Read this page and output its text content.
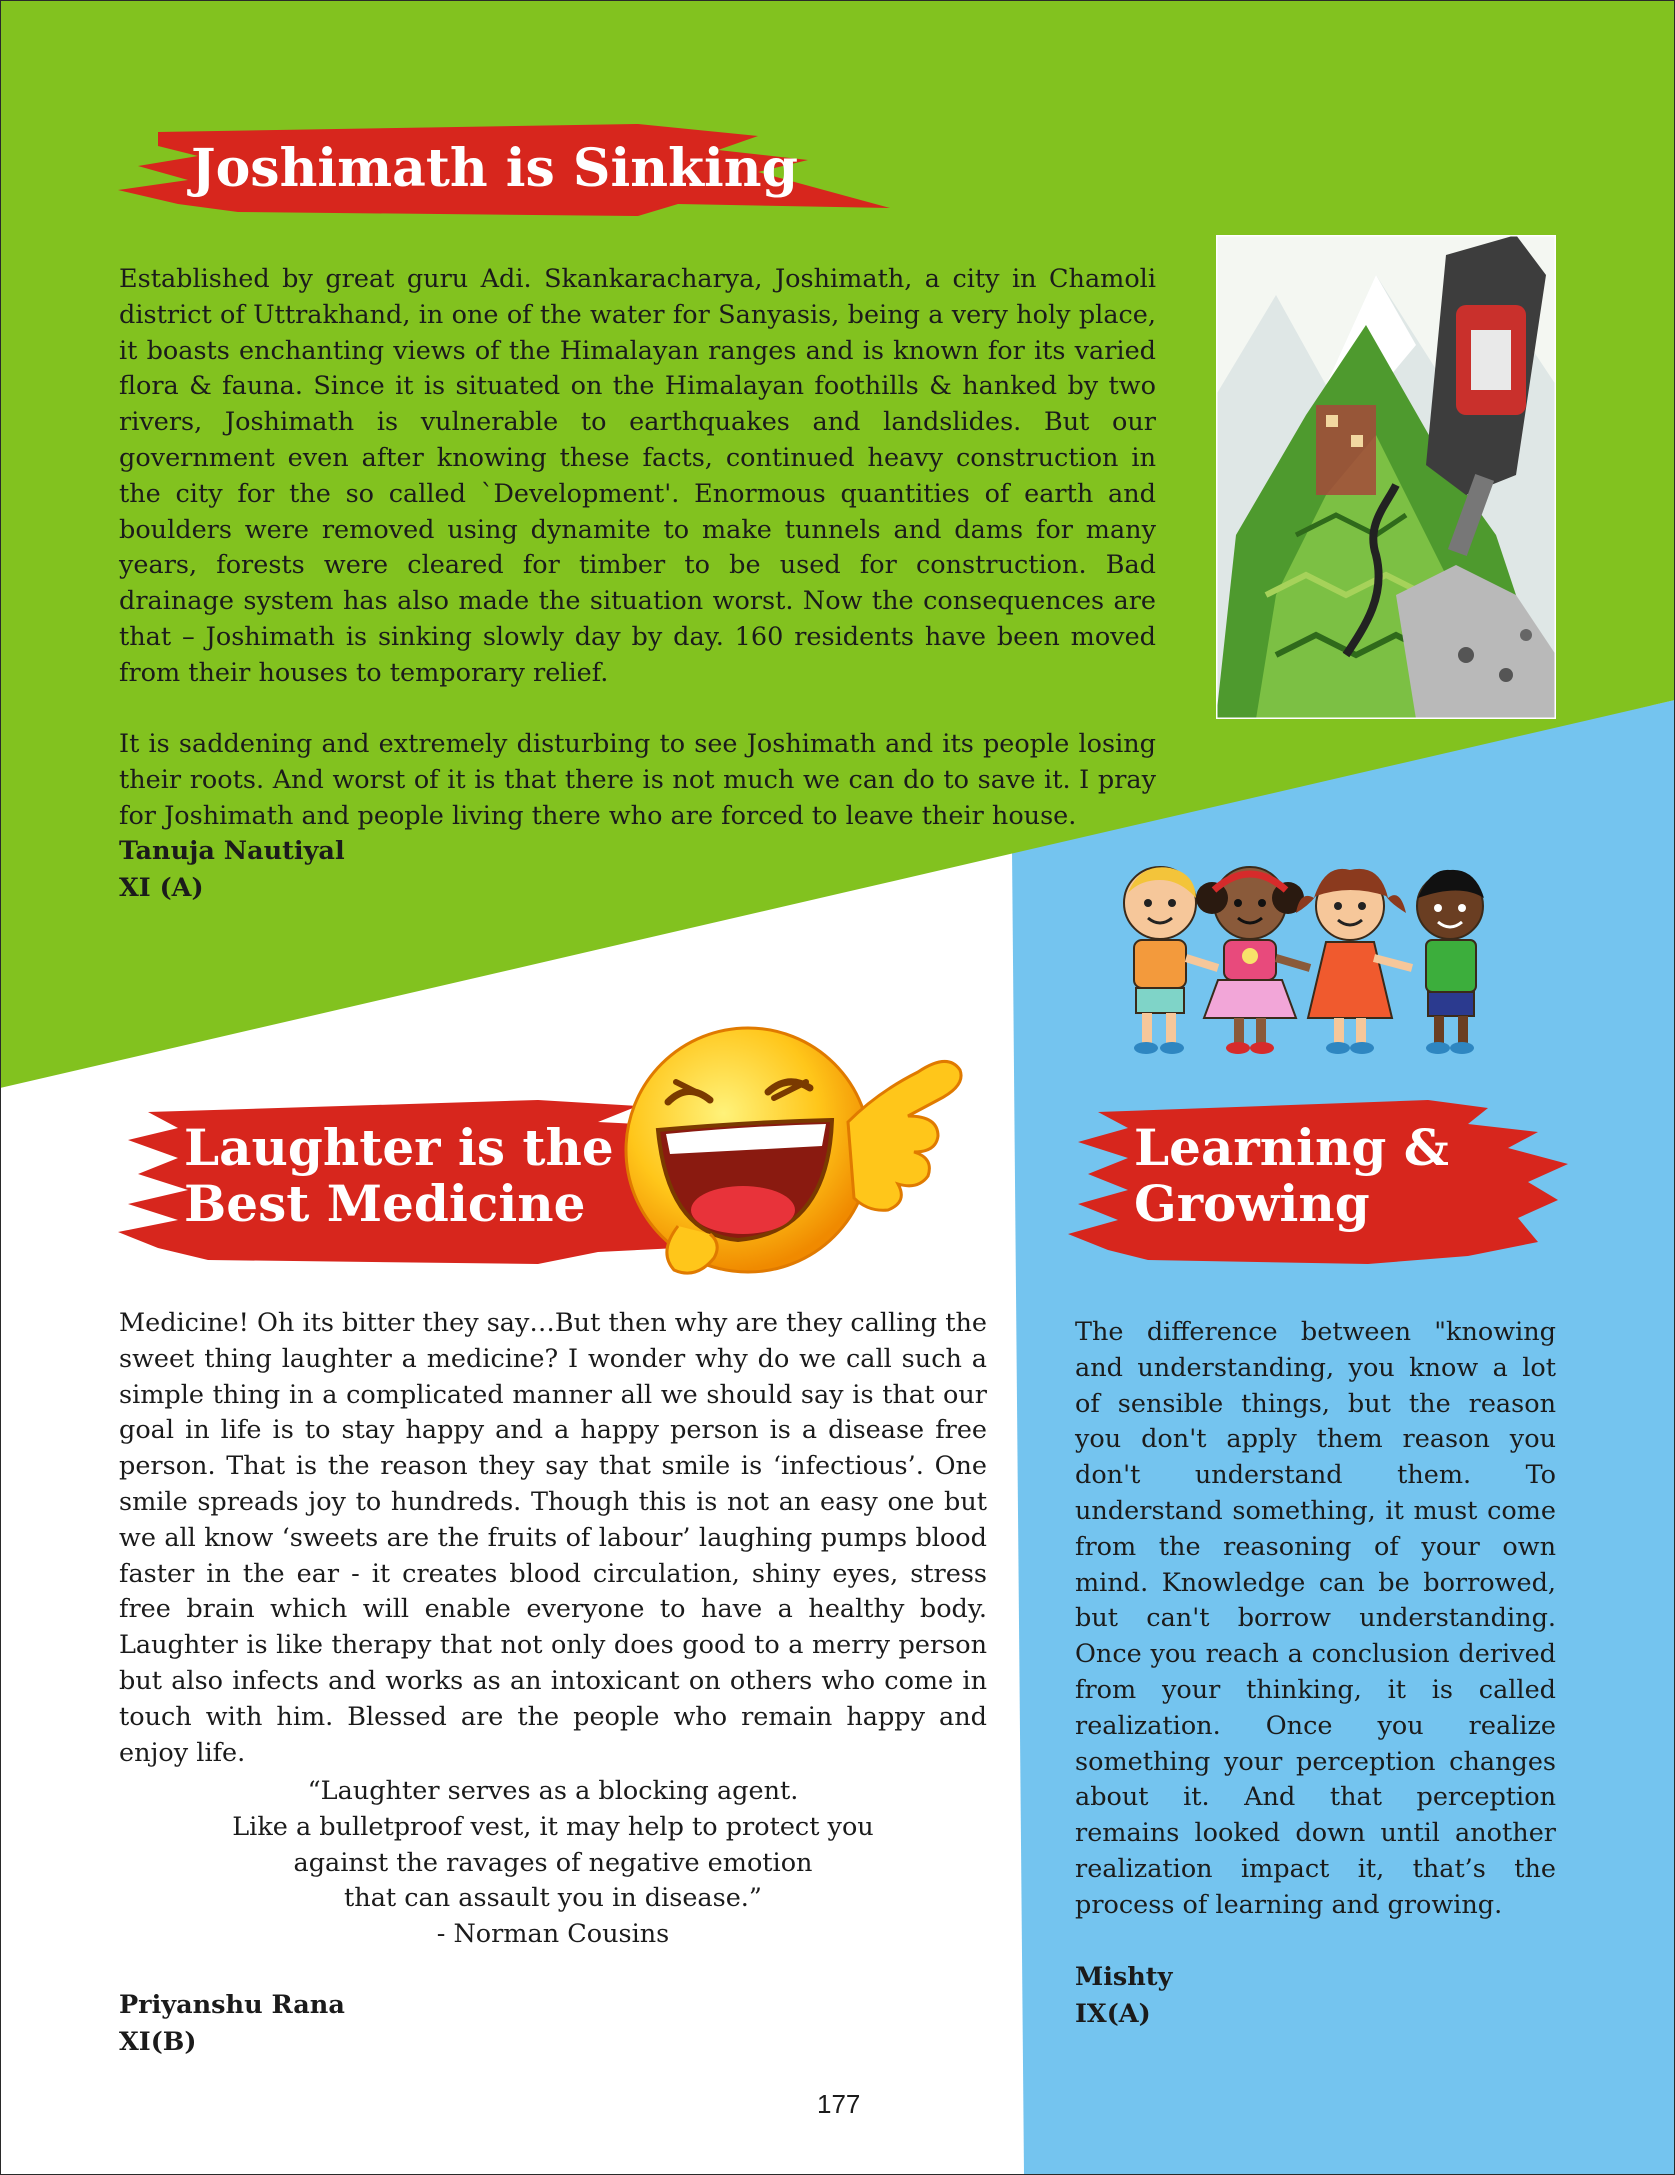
Joshimath is Sinking

Established by great guru Adi. Skankaracharya, Joshimath, a city in Chamoli district of Uttrakhand, in one of the water for Sanyasis, being a very holy place, it boasts enchanting views of the Himalayan ranges and is known for its varied flora & fauna. Since it is situated on the Himalayan foothills & hanked by two rivers, Joshimath is vulnerable to earthquakes and landslides. But our government even after knowing these facts, continued heavy construction in the city for the so called `Development'. Enormous quantities of earth and boulders were removed using dynamite to make tunnels and dams for many years, forests were cleared for timber to be used for construction. Bad drainage system has also made the situation worst. Now the consequences are that – Joshimath is sinking slowly day by day. 160 residents have been moved from their houses to temporary relief.

It is saddening and extremely disturbing to see Joshimath and its people losing their roots. And worst of it is that there is not much we can do to save it. I pray for Joshimath and people living there who are forced to leave their house.

Tanuja Nautiyal
XI (A)
Laughter is the
Best Medicine

Medicine! Oh its bitter they say…But then why are they calling the sweet thing laughter a medicine? I wonder why do we call such a simple thing in a complicated manner all we should say is that our goal in life is to stay happy and a happy person is a disease free person. That is the reason they say that smile is ‘infectious’. One smile spreads joy to hundreds. Though this is not an easy one but we all know ‘sweets are the fruits of labour’ laughing pumps blood faster in the ear - it creates blood circulation, shiny eyes, stress free brain which will enable everyone to have a healthy body. Laughter is like therapy that not only does good to a merry person but also infects and works as an intoxicant on others who come in touch with him. Blessed are the people who remain happy and enjoy life.

“Laughter serves as a blocking agent.
Like a bulletproof vest, it may help to protect you
against the ravages of negative emotion
that can assault you in disease.”
- Norman Cousins
Priyanshu Rana
XI(B)
Learning &
Growing

The difference between "knowing and understanding, you know a lot of sensible things, but the reason you don't apply them reason you don't understand them. To understand something, it must come from the reasoning of your own mind. Knowledge can be borrowed, but can't borrow understanding. Once you reach a conclusion derived from your thinking, it is called realization. Once you realize something your perception changes about it. And that perception remains looked down until another realization impact it, that’s the process of learning and growing.

Mishty
IX(A)
177
